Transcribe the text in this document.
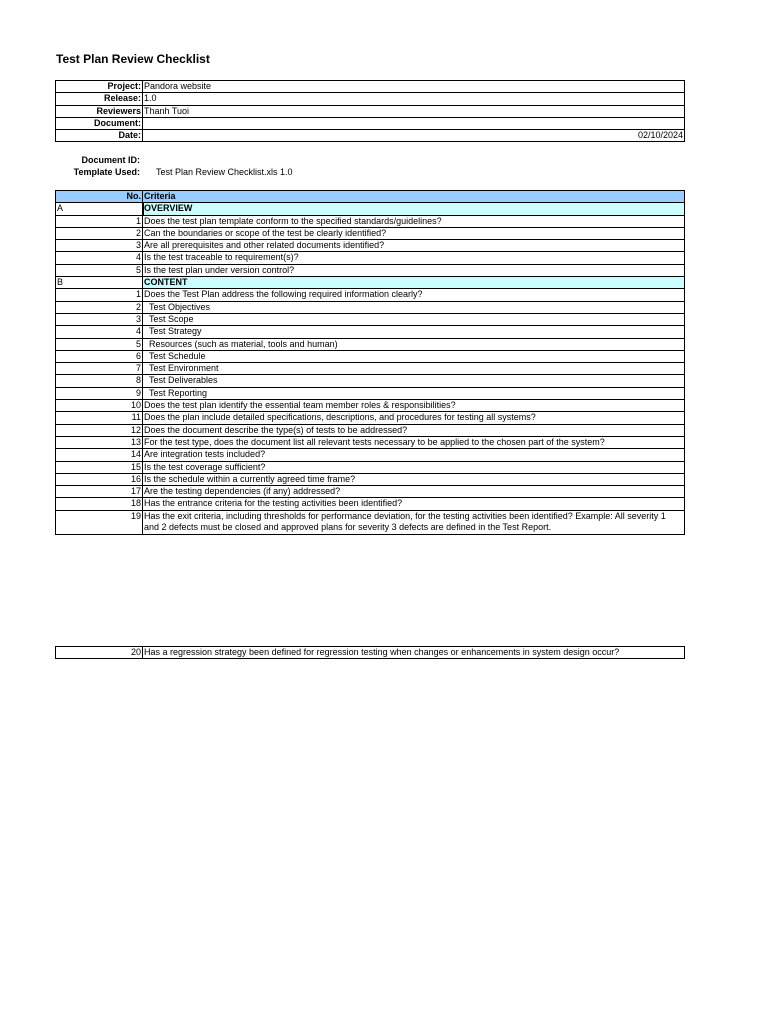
Test Plan Review Checklist
Project:	Pandora website
Release:	1.0
Reviewers	Thanh Tuoi
Document:	
Date:	02/10/2024
Document ID:
Template Used:	Test Plan Review Checklist.xls 1.0
No.	Criteria
A	OVERVIEW
1	Does the test plan template conform to the specified standards/guidelines?
2	Can the boundaries or scope of the test be clearly identified?
3	Are all prerequisites and other related documents identified?
4	Is the test traceable to requirement(s)?
5	Is the test plan under version control?
B	CONTENT
1	Does the Test Plan address the following required information clearly?
2	Test Objectives
3	Test Scope
4	Test Strategy
5	Resources (such as material, tools and human)
6	Test Schedule
7	Test Environment
8	Test Deliverables
9	Test Reporting
10	Does the test plan identify the essential team member roles & responsibilities?
11	Does the plan include detailed specifications, descriptions, and procedures for testing all systems?
12	Does the document describe the type(s) of tests to be addressed?
13	For the test type, does the document list all relevant tests necessary to be applied to the chosen part of the system?
14	Are integration tests included?
15	Is the test coverage sufficient?
16	Is the schedule within a currently agreed time frame?
17	Are the testing dependencies (if any) addressed?
18	Has the entrance criteria for the testing activities been identified?
19	Has the exit criteria, including thresholds for performance deviation, for the testing activities been identified? Example: All severity 1 and 2 defects must be closed and approved plans for severity 3 defects are defined in the Test Report.
20	Has a regression strategy been defined for regression testing when changes or enhancements in system design occur?
